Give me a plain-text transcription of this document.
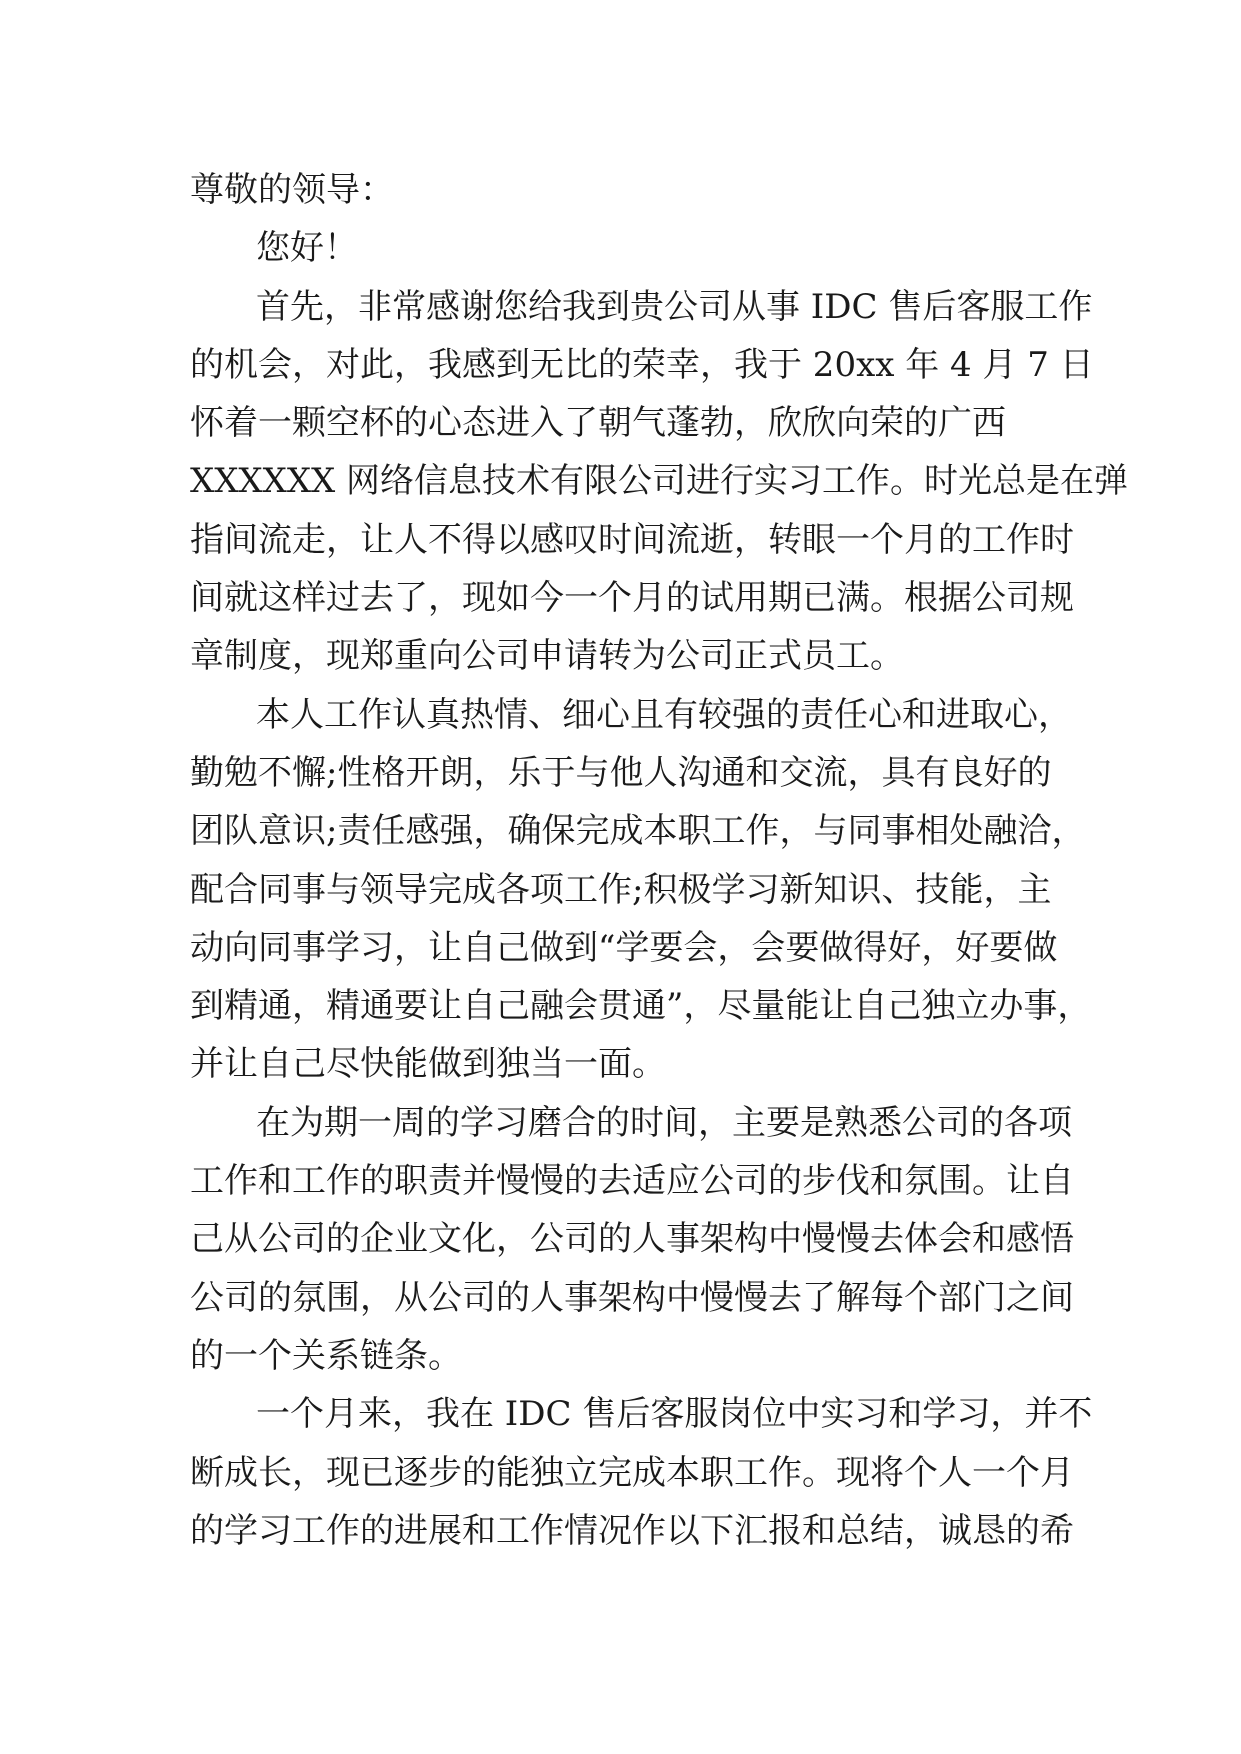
尊敬的领导：
您好！
首先，非常感谢您给我到贵公司从事 IDC 售后客服工作
的机会，对此，我感到无比的荣幸，我于 20xx 年 4 月 7 日
怀着一颗空杯的心态进入了朝气蓬勃，欣欣向荣的广西
XXXXXX 网络信息技术有限公司进行实习工作。时光总是在弹
指间流走，让人不得以感叹时间流逝，转眼一个月的工作时
间就这样过去了，现如今一个月的试用期已满。根据公司规
章制度，现郑重向公司申请转为公司正式员工。
本人工作认真热情、细心且有较强的责任心和进取心，
勤勉不懈;性格开朗，乐于与他人沟通和交流，具有良好的
团队意识;责任感强，确保完成本职工作，与同事相处融洽，
配合同事与领导完成各项工作;积极学习新知识、技能，主
动向同事学习，让自己做到“学要会，会要做得好，好要做
到精通，精通要让自己融会贯通”，尽量能让自己独立办事，
并让自己尽快能做到独当一面。
在为期一周的学习磨合的时间，主要是熟悉公司的各项
工作和工作的职责并慢慢的去适应公司的步伐和氛围。让自
己从公司的企业文化，公司的人事架构中慢慢去体会和感悟
公司的氛围，从公司的人事架构中慢慢去了解每个部门之间
的一个关系链条。
一个月来，我在 IDC 售后客服岗位中实习和学习，并不
断成长，现已逐步的能独立完成本职工作。现将个人一个月
的学习工作的进展和工作情况作以下汇报和总结，诚恳的希
